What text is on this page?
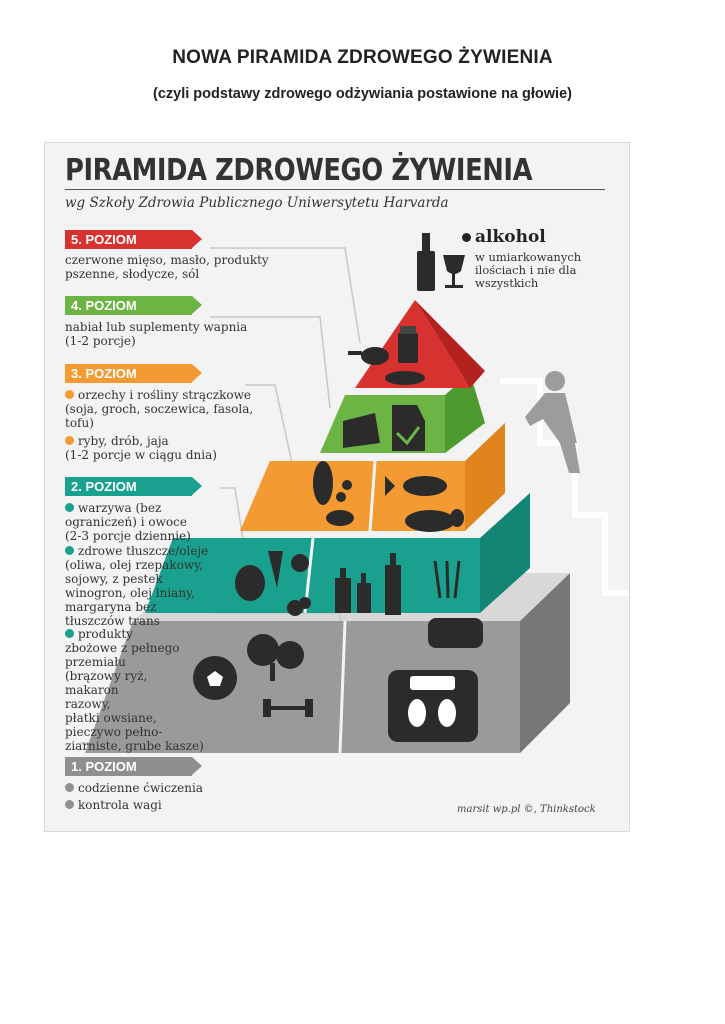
NOWA PIRAMIDA ZDROWEGO ŻYWIENIA
(czyli podstawy zdrowego odżywiania postawione na głowie)
PIRAMIDA ZDROWEGO ŻYWIENIA
wg Szkoły Zdrowia Publicznego Uniwersytetu Harvarda
5. POZIOM
czerwone mięso, masło, produkty
pszenne, słodycze, sól
alkohol
w umiarkowanych
ilościach i nie dla
wszystkich
4. POZIOM
nabiał lub suplementy wapnia
(1-2 porcje)
3. POZIOM
orzechy i rośliny strączkowe
(soja, groch, soczewica, fasola,
tofu)
ryby, drób, jaja
(1-2 porcje w ciągu dnia)
2. POZIOM
warzywa (bez
ograniczeń) i owoce
(2-3 porcje dziennie)
zdrowe tłuszcze/oleje
(oliwa, olej rzepakowy,
sojowy, z pestek
winogron, olej lniany,
margaryna bez
tłuszczów trans
produkty
zbożowe z pełnego
przemiału
(brązowy ryż,
makaron
razowy,
płatki owsiane,
pieczywo pełno-
ziarniste, grube kasze)
1. POZIOM
codzienne ćwiczenia
kontrola wagi	marsit wp.pl ©, Thinkstock
